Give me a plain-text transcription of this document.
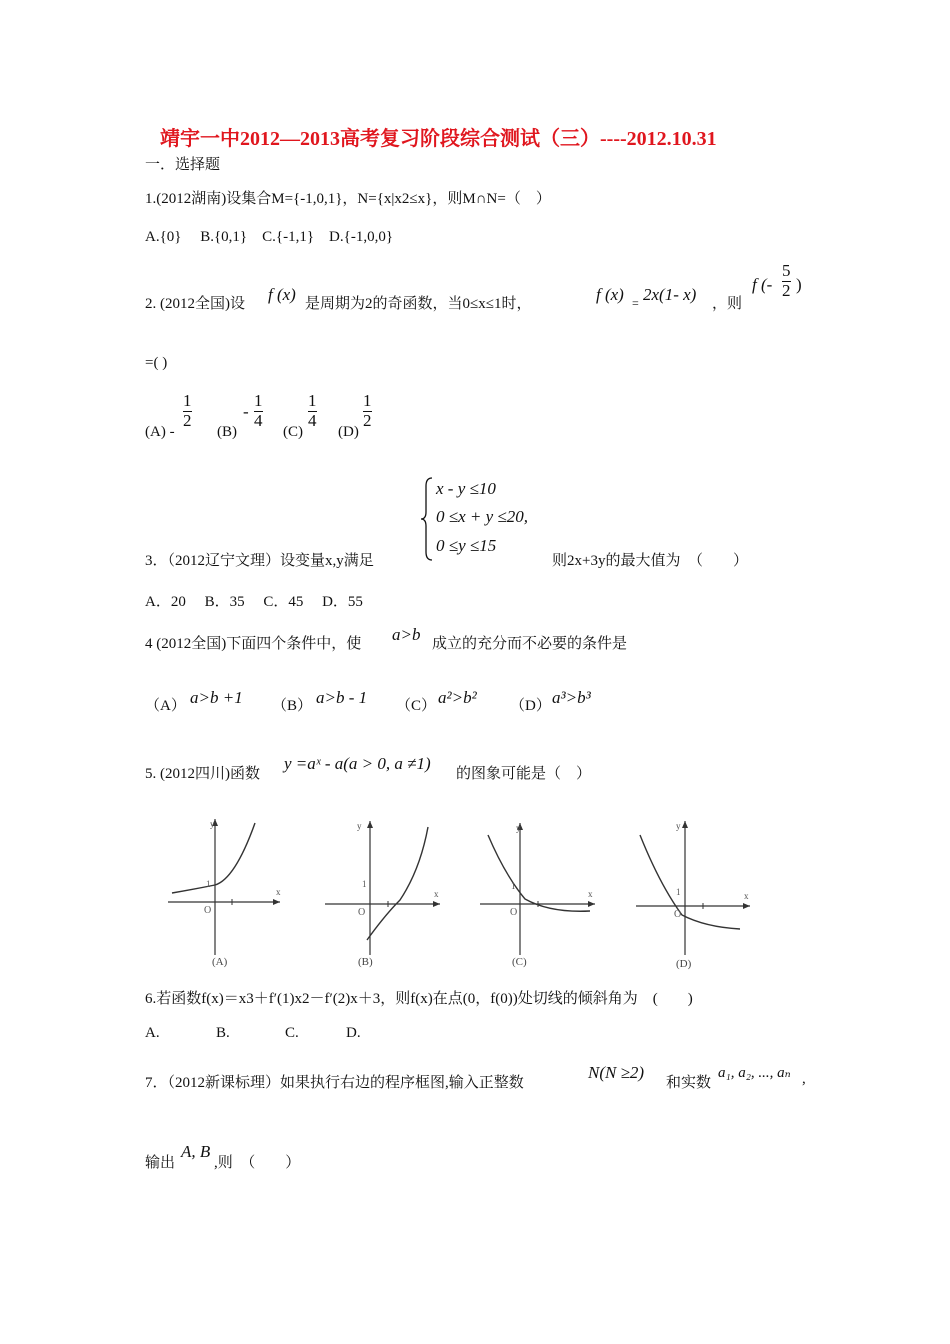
靖宇一中2012—2013高考复习阶段综合测试（三）----2012.10.31
一．选择题
1.(2012湖南)设集合M={-1,0,1}，N={x|x2≤x}，则M∩N=（　）
A.{0}　 B.{0,1}　C.{-1,1}　D.{-1,0,0}
2. (2012全国)设 f (x) 是周期为2的奇函数，当0≤x≤1时，	f (x) = 2x(1- x) ，则
f (- $\frac{5}{2}$ )
=( )
(A) -
$\frac{1}{2}$
(B)
- $\frac{1}{4}$
(C)
$\frac{1}{4}$
(D)
$\frac{1}{2}$
x - y ≤10
0 ≤x + y ≤20,
0 ≤y ≤15
3．（2012辽宁文理）设变量x,y满足	则2x+3y的最大值为　（　　）
A．20　 B．35　 C．45　 D．55
4 (2012全国)下面四个条件中，使 a>b 成立的充分而不必要的条件是
（A） a>b +1 （B） a>b - 1 （C） a²>b² （D） a³>b³
5. (2012四川)函数
y =aˣ - a(a > 0, a ≠1)
的图象可能是（　）
y
x
O
1
(A)
y
x
O
1
(B)
y
x
O
1
(C)
y
x
O
1
(D)
6.若函数f(x)＝x3＋f′(1)x2－f′(2)x＋3，则f(x)在点(0，f(0))处切线的倾斜角为　(　　)
A.	B.	C.	D.
7．（2012新课标理）如果执行右边的程序框图,输入正整数
N(N ≥2)
和实数
a₁, a₂, ..., aₙ ,
输出
A, B
,则　（　　）
